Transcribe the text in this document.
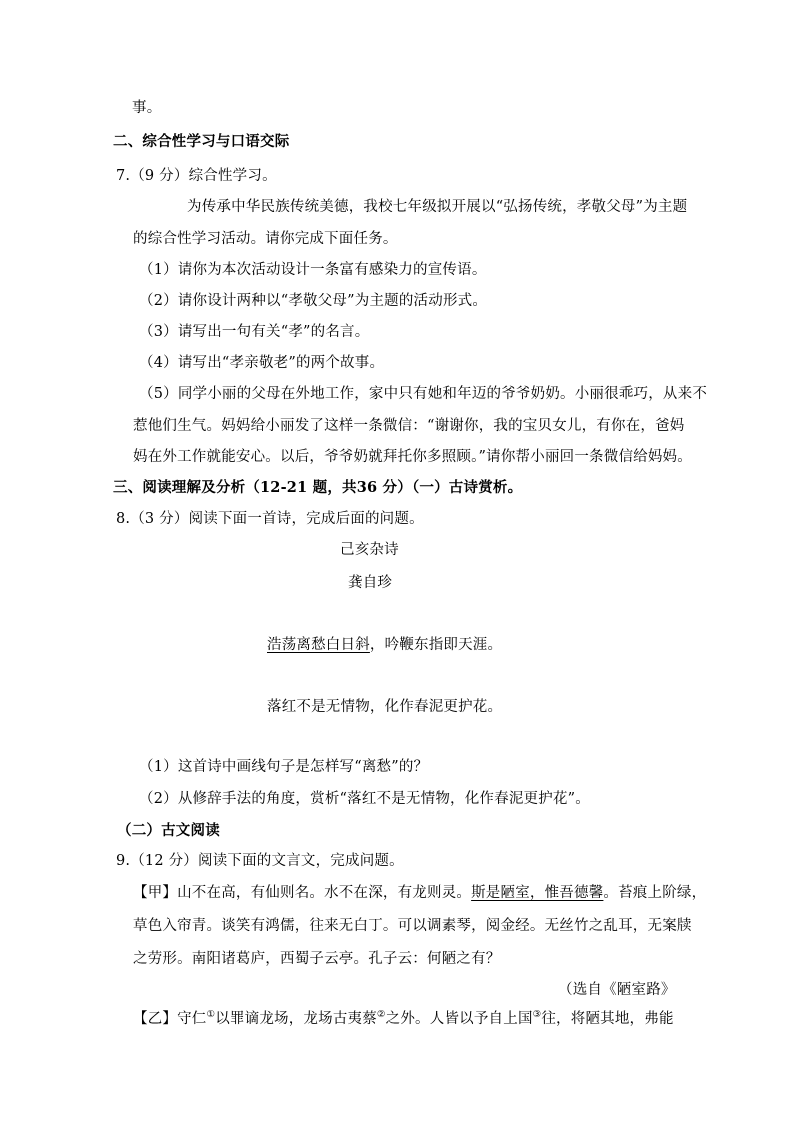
事。
二、综合性学习与口语交际
7.（9 分）综合性学习。
为传承中华民族传统美德，我校七年级拟开展以“弘扬传统，孝敬父母”为主题
的综合性学习活动。请你完成下面任务。
（1）请你为本次活动设计一条富有感染力的宣传语。
（2）请你设计两种以“孝敬父母”为主题的活动形式。
（3）请写出一句有关“孝”的名言。
（4）请写出“孝亲敬老”的两个故事。
（5）同学小丽的父母在外地工作，家中只有她和年迈的爷爷奶奶。小丽很乖巧，从来不
惹他们生气。妈妈给小丽发了这样一条微信：“谢谢你，我的宝贝女儿，有你在，爸妈
妈在外工作就能安心。以后，爷爷奶就拜托你多照顾。”请你帮小丽回一条微信给妈妈。
三、阅读理解及分析（12-21 题，共36 分）（一）古诗赏析。
8.（3 分）阅读下面一首诗，完成后面的问题。
己亥杂诗
龚自珍
浩荡离愁白日斜，吟鞭东指即天涯。
落红不是无情物，化作春泥更护花。
（1）这首诗中画线句子是怎样写“离愁”的？
（2）从修辞手法的角度，赏析“落红不是无情物，化作春泥更护花”。
（二）古文阅读
9.（12 分）阅读下面的文言文，完成问题。
【甲】山不在高，有仙则名。水不在深，有龙则灵。斯是陋室，惟吾德馨。苔痕上阶绿，
草色入帘青。谈笑有鸿儒，往来无白丁。可以调素琴，阅金经。无丝竹之乱耳，无案牍
之劳形。南阳诸葛庐，西蜀子云亭。孔子云：何陋之有？
（选自《陋室路》
【乙】守仁①以罪谪龙场，龙场古夷蔡②之外。人皆以予自上国③往，将陋其地，弗能
